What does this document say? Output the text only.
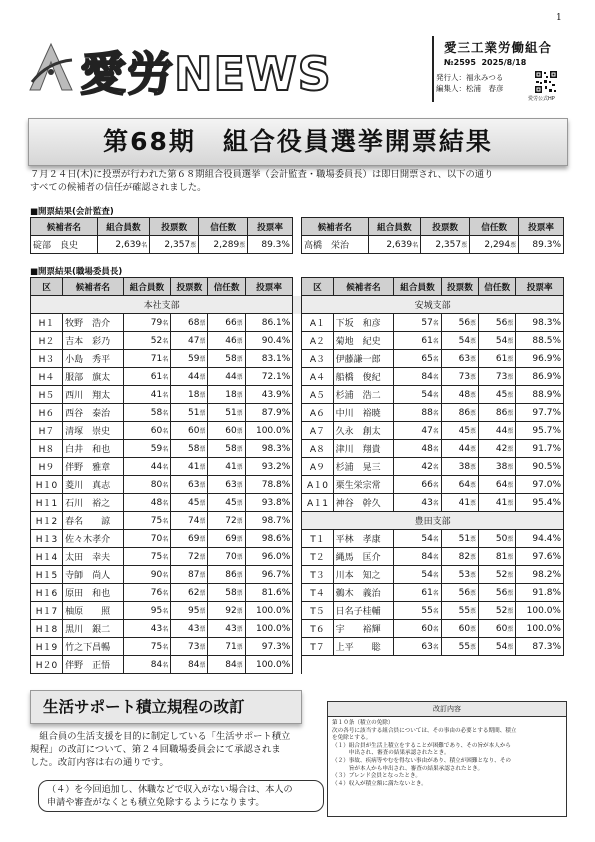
1
愛労NEWS	愛三工業労働組合
№2595 2025/8/18
発行人：福永みつる
編集人：松浦　春彦
愛労公式HP
第68期　組合役員選挙開票結果

７月２４日(木)に投票が行われた第６８期組合役員選挙（会計監査・職場委員長）は即日開票され、以下の通り

すべての候補者の信任が確認されました。

■開票結果(会計監査)
候補者名	組合員数	投票数	信任数	投票率		候補者名	組合員数	投票数	信任数	投票率
碇部　良史	2,639名	2,357票	2,289票	89.3%		高橋　栄治	2,639名	2,357票	2,294票	89.3%
■開票結果(職場委員長)
区	候補者名	組合員数	投票数	信任数	投票率		区	候補者名	組合員数	投票数	信任数	投票率
本社支部							安城支部					
H１	牧野　浩介	79名	68票	66票	86.1%		A１	下坂　和彦	57名	56票	56票	98.3%
H２	吉本　彩乃	52名	47票	46票	90.4%		A２	菊地　紀史	61名	54票	54票	88.5%
H３	小島　秀平	71名	59票	58票	83.1%		A３	伊藤謙一郎	65名	63票	61票	96.9%
H４	服部　旗太	61名	44票	44票	72.1%		A４	船橋　俊紀	84名	73票	73票	86.9%
H５	西川　翔太	41名	18票	18票	43.9%		A５	杉浦　浩二	54名	48票	45票	88.9%
H６	西谷　泰治	58名	51票	51票	87.9%		A６	中川　裕暁	88名	86票	86票	97.7%
H７	清塚　崇史	60名	60票	60票	100.0%		A７	久永　創太	47名	45票	44票	95.7%
H８	白井　和也	59名	58票	58票	98.3%		A８	津川　翔貴	48名	44票	42票	91.7%
H９	伴野　雅章	44名	41票	41票	93.2%		A９	杉浦　晃三	42名	38票	38票	90.5%
H１0	菱川　真志	80名	63票	63票	78.8%		A１0	栗生栄宗常	66名	64票	64票	97.0%
H１1	石川　裕之	48名	45票	45票	93.8%		A１1	神谷　幹久	43名	41票	41票	95.4%
H１2	春名　　諒	75名	74票	72票	98.7%		豊田支部					
H１3	佐々木孝介	70名	69票	69票	98.6%		T１	平林　孝康	54名	51票	50票	94.4%
H１4	太田　幸夫	75名	72票	70票	96.0%		T２	縄馬　匡介	84名	82票	81票	97.6%
H１5	寺師　尚人	90名	87票	86票	96.7%		T３	川本　知之	54名	53票	52票	98.2%
H１6	原田　和也	76名	62票	58票	81.6%		T４	鵜木　義治	61名	56票	56票	91.8%
H１7	柚原　　照	95名	95票	92票	100.0%		T５	日名子桂輔	55名	55票	52票	100.0%
H１8	黒川　銀二	43名	43票	43票	100.0%		T６	宇　　裕輝	60名	60票	60票	100.0%
H１9	竹之下昌暢	75名	73票	71票	97.3%		T７	上平　　聡	63名	55票	54票	87.3%
H２0	伴野　正悟	84名	84票	84票	100.0%							
生活サポート積立規程の改訂

　組合員の生活支援を目的に制定している「生活サポート積立

規程」の改訂について、第２４回職場委員会にて承認されま

した。改訂内容は右の通りです。

（４）を今回追加し、休職などで収入がない場合は、本人の
申請や審査がなくとも積立免除するようになります。
改訂内容

第１０条（積立の免除）

次の各号に該当する組合員については、その事由の必要とする期間、積立

を免除とする。

（１）組合員が生活上積立をすることが困難であり、その旨が本人から

　　　申出され、審査の結果承認されたとき。

（２）事故、疾病等やむを得ない事由があり、積立が困難となり、その

　　　旨が本人から申出され、審査の結果承認されたとき。

（３）ブレンド会員となったとき。

（４）収入が積立額に満たないとき。
